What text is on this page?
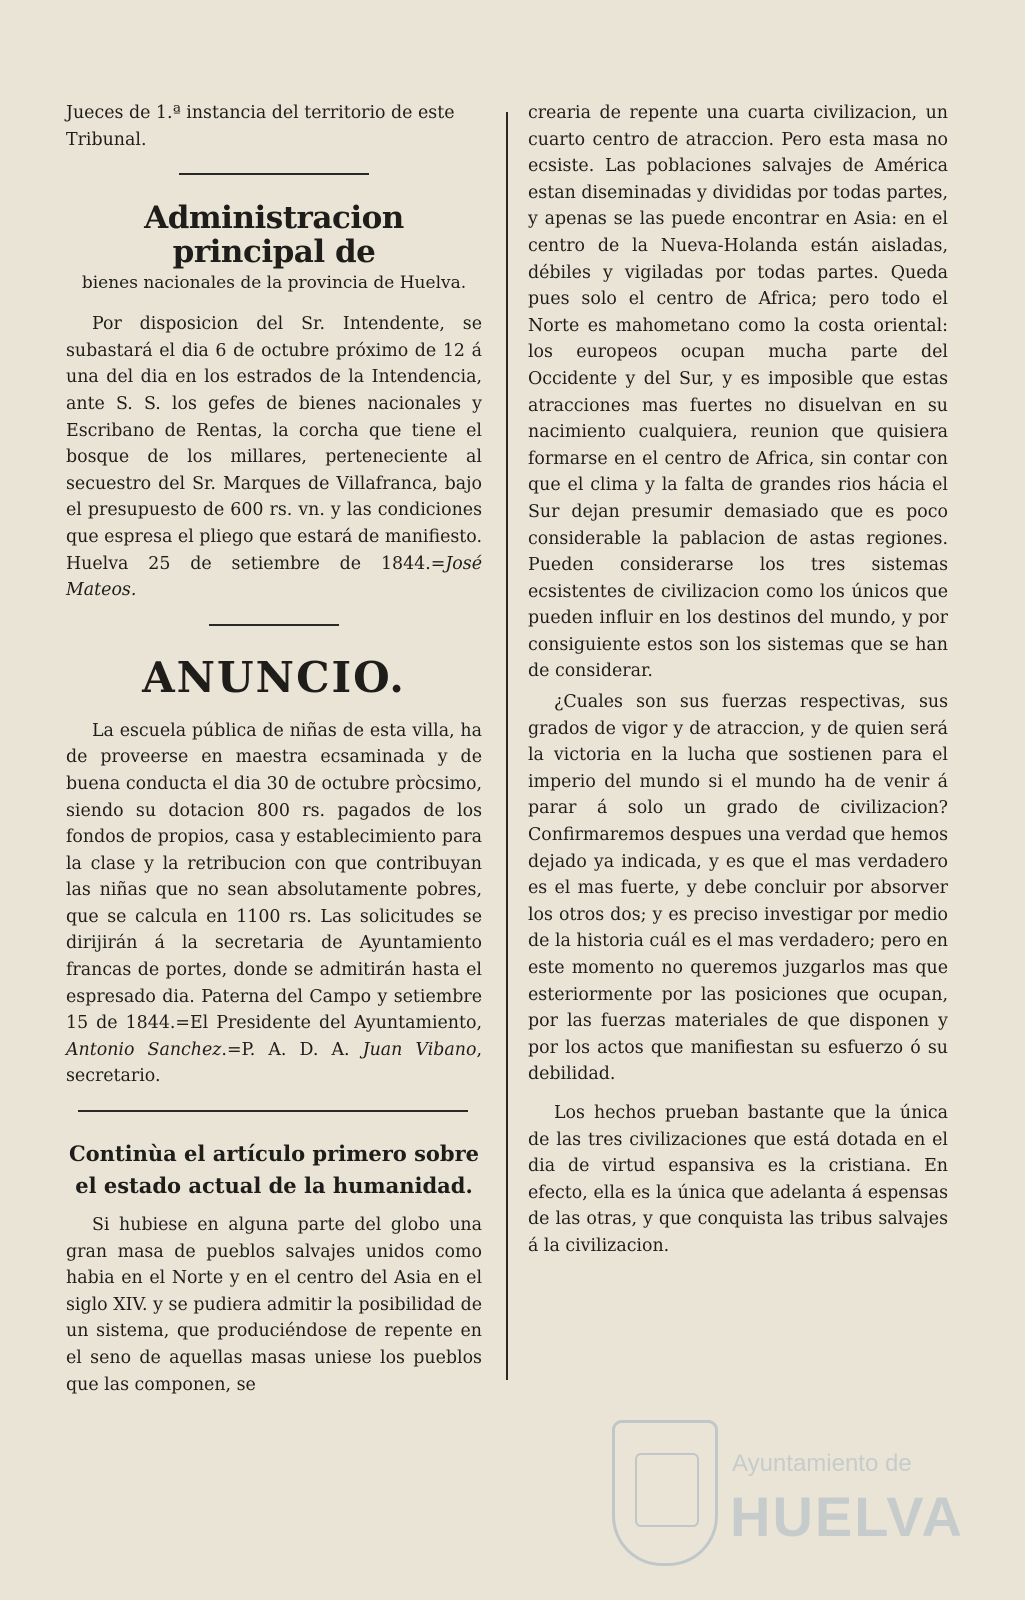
Jueces de 1.ª instancia del territorio de este Tribunal.

Administracion principal de
bienes nacionales de la provincia de Huelva.

Por disposicion del Sr. Intendente, se subastará el dia 6 de octubre próximo de 12 á una del dia en los estrados de la Intendencia, ante S. S. los gefes de bienes nacionales y Escribano de Rentas, la corcha que tiene el bosque de los millares, perteneciente al secuestro del Sr. Marques de Villafranca, bajo el presupuesto de 600 rs. vn. y las condiciones que espresa el pliego que estará de manifiesto. Huelva 25 de setiembre de 1844.=José Mateos.

ANUNCIO.

La escuela pública de niñas de esta villa, ha de proveerse en maestra ecsaminada y de buena conducta el dia 30 de octubre pròcsimo, siendo su dotacion 800 rs. pagados de los fondos de propios, casa y establecimiento para la clase y la retribucion con que contribuyan las niñas que no sean absolutamente pobres, que se calcula en 1100 rs. Las solicitudes se dirijirán á la secretaria de Ayuntamiento francas de portes, donde se admitirán hasta el espresado dia. Paterna del Campo y setiembre 15 de 1844.=El Presidente del Ayuntamiento, Antonio Sanchez.=P. A. D. A. Juan Vibano, secretario.

Continùa el artículo primero sobre el estado actual de la humanidad.

Si hubiese en alguna parte del globo una gran masa de pueblos salvajes unidos como habia en el Norte y en el centro del Asia en el siglo XIV. y se pudiera admitir la posibilidad de un sistema, que produciéndose de repente en el seno de aquellas masas uniese los pueblos que las componen, se

crearia de repente una cuarta civilizacion, un cuarto centro de atraccion. Pero esta masa no ecsiste. Las poblaciones salvajes de América estan diseminadas y divididas por todas partes, y apenas se las puede encontrar en Asia: en el centro de la Nueva-Holanda están aisladas, débiles y vigiladas por todas partes. Queda pues solo el centro de Africa; pero todo el Norte es mahometano como la costa oriental: los europeos ocupan mucha parte del Occidente y del Sur, y es imposible que estas atracciones mas fuertes no disuelvan en su nacimiento cualquiera, reunion que quisiera formarse en el centro de Africa, sin contar con que el clima y la falta de grandes rios hácia el Sur dejan presumir demasiado que es poco considerable la pablacion de astas regiones. Pueden considerarse los tres sistemas ecsistentes de civilizacion como los únicos que pueden influir en los destinos del mundo, y por consiguiente estos son los sistemas que se han de considerar.

¿Cuales son sus fuerzas respectivas, sus grados de vigor y de atraccion, y de quien será la victoria en la lucha que sostienen para el imperio del mundo si el mundo ha de venir á parar á solo un grado de civilizacion? Confirmaremos despues una verdad que hemos dejado ya indicada, y es que el mas verdadero es el mas fuerte, y debe concluir por absorver los otros dos; y es preciso investigar por medio de la historia cuál es el mas verdadero; pero en este momento no queremos juzgarlos mas que esteriormente por las posiciones que ocupan, por las fuerzas materiales de que disponen y por los actos que manifiestan su esfuerzo ó su debilidad.

Los hechos prueban bastante que la única de las tres civilizaciones que está dotada en el dia de virtud espansiva es la cristiana. En efecto, ella es la única que adelanta á espensas de las otras, y que conquista las tribus salvajes á la civilizacion.

Ayuntamiento de
HUELVA
